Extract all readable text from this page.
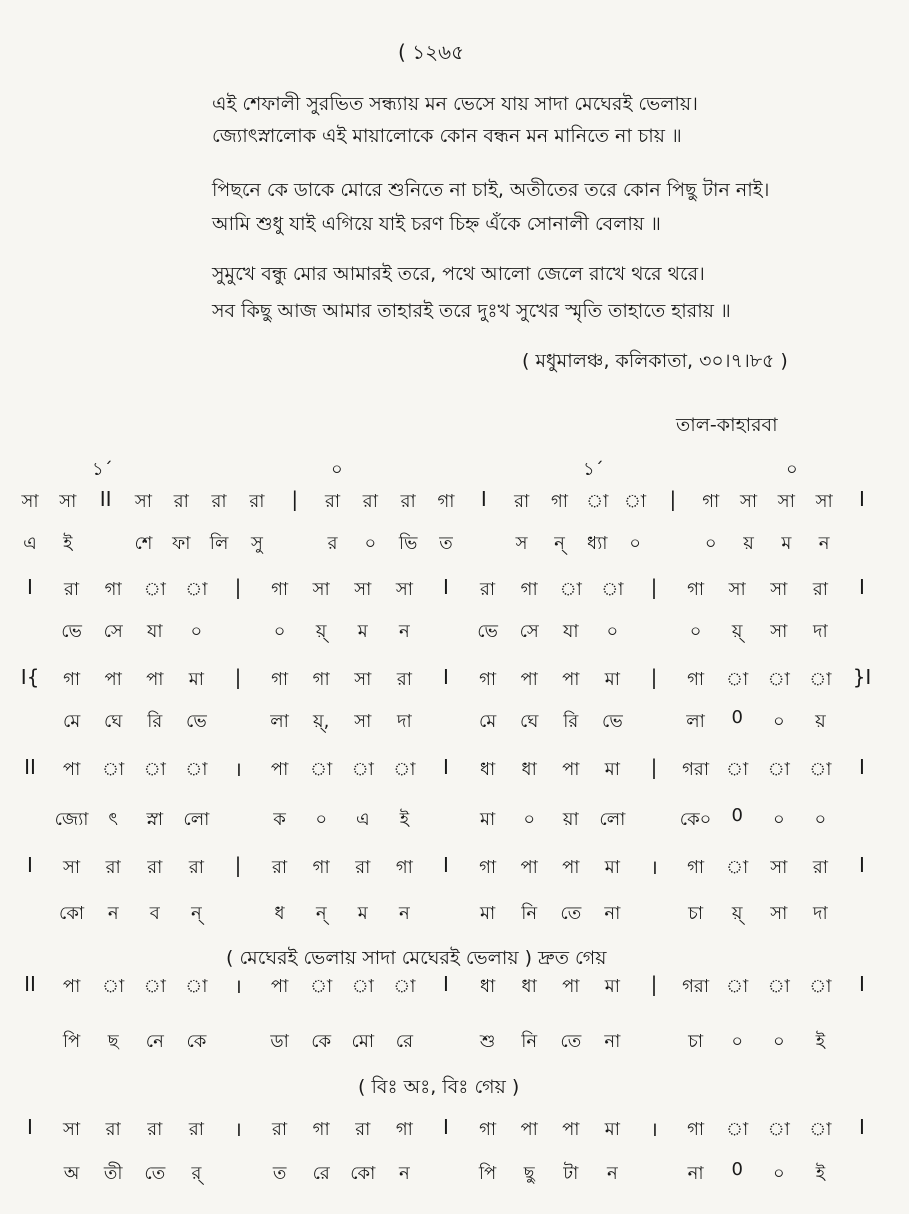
( ১২৬৫
এই শেফালী সুরভিত সন্ধ্যায় মন ভেসে যায় সাদা মেঘেরই ভেলায়।
জ্যোৎস্নালোক এই মায়ালোকে কোন বন্ধন মন মানিতে না চায় ॥
পিছনে কে ডাকে মোরে শুনিতে না চাই, অতীতের তরে কোন পিছু টান নাই।
আমি শুধু যাই এগিয়ে যাই চরণ চিহ্ন এঁকে সোনালী বেলায় ॥
সুমুখে বন্ধু মোর আমারই তরে, পথে আলো জেলে রাখে থরে থরে।
সব কিছু আজ আমার তাহারই তরে দুঃখ সুখের স্মৃতি তাহাতে হারায় ॥
( মধুমালঞ্চ, কলিকাতা, ৩০।৭।৮৫ )
তাল-কাহারবা
১´	০	১´	০
( মেঘেরই ভেলায় সাদা মেঘেরই ভেলায় ) দ্রুত গেয়
( বিঃ অঃ, বিঃ গেয় )
সা সা II সা রা রা রা | রা রা রা গা I রা গা া া | গা সা সা সা I
এ ই	শে ফা লি সু	র ০ ভি ত	স ন্ ধ্যা ০	০ য় ম ন
I রা গা া া | গা সা সা সা I রা গা া া | গা সা সা রা I
ভে সে যা ০	০ য়্ ম ন	ভে সে যা ০	০ য়্ সা দা
I{ গা পা পা মা | গা গা সা রা I গা পা পা মা | গা া া া }I
মে ঘে রি ভে	লা য়্, সা দা	মে ঘে রি ভে	লা 0 ০ য়
II পা া া া । পা া া া I ধা ধা পা মা | গরা া া া I
জ্যো ৎ স্না লো	ক ০ এ ই	মা ০ য়া লো	কে০ 0 ০ ০
I সা রা রা রা | রা গা রা গা I গা পা পা মা । গা া সা রা I
কো ন ব ন্	ধ ন্ ম ন	মা নি তে না	চা য়্ সা দা
II পা া া া । পা া া া I ধা ধা পা মা | গরা া া া I
পি ছ নে কে	ডা কে মো রে	শু নি তে না	চা ০ ০ ই
I সা রা রা রা । রা গা রা গা I গা পা পা মা । গা া া া I
অ তী তে র্	ত রে কো ন	পি ছু টা ন	না 0 ০ ই
